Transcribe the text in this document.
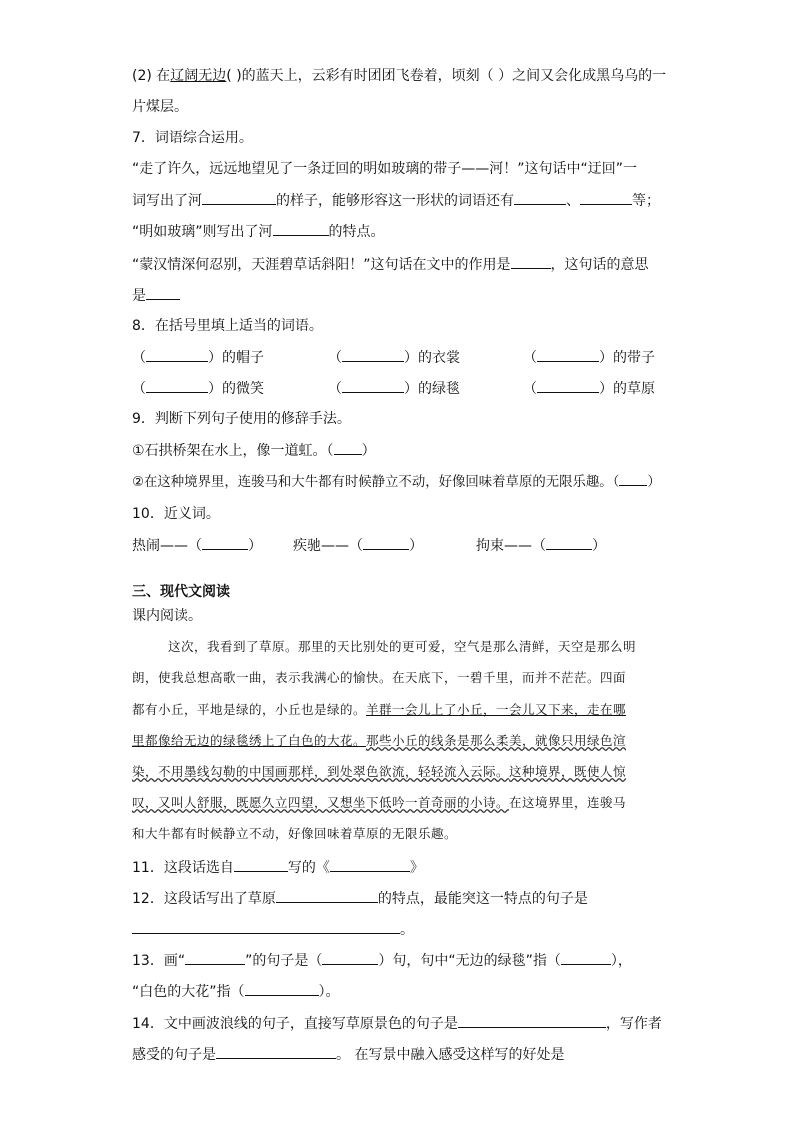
(2) 在辽阔无边( )的蓝天上，云彩有时团团飞卷着，顷刻（ ）之间又会化成黑乌乌的一
片煤层。
7．词语综合运用。
“走了许久，远远地望见了一条迂回的明如玻璃的带子——河！”这句话中“迂回”一
词写出了河	的样子，能够形容这一形状的词语还有	、	等；
“明如玻璃”则写出了河	的特点。
“蒙汉情深何忍别，天涯碧草话斜阳！”这句话在文中的作用是	，这句话的意思
是
8．在括号里填上适当的词语。
（	）的帽子	（	）的衣裳	（	）的带子
（	）的微笑	（	）的绿毯	（	）的草原
9．判断下列句子使用的修辞手法。
①石拱桥架在水上，像一道虹。（ ）
②在这种境界里，连骏马和大牛都有时候静立不动，好像回味着草原的无限乐趣。（ ）
10．近义词。
热闹——（	） 疾驰——（	）	拘束——（	）
三、现代文阅读
课内阅读。
这次，我看到了草原。那里的天比别处的更可爱，空气是那么清鲜，天空是那么明
朗，使我总想高歌一曲，表示我满心的愉快。在天底下，一碧千里，而并不茫茫。四面
都有小丘，平地是绿的，小丘也是绿的。羊群一会儿上了小丘，一会儿又下来，走在哪
里都像给无边的绿毯绣上了白色的大花。那些小丘的线条是那么柔美，就像只用绿色渲
染，不用墨线勾勒的中国画那样，到处翠色欲流，轻轻流入云际。这种境界，既使人惊
叹，又叫人舒服，既愿久立四望，又想坐下低吟一首奇丽的小诗。在这境界里，连骏马
和大牛都有时候静立不动，好像回味着草原的无限乐趣。
11．这段话选自	写的《	》
12．这段话写出了草原	的特点，最能突这一特点的句子是
。
13．画“	”的句子是（	）句，句中“无边的绿毯”指（	），
“白色的大花”指（	）。
14．文中画波浪线的句子，直接写草原景色的句子是	，写作者
感受的句子是	。 在写景中融入感受这样写的好处是
